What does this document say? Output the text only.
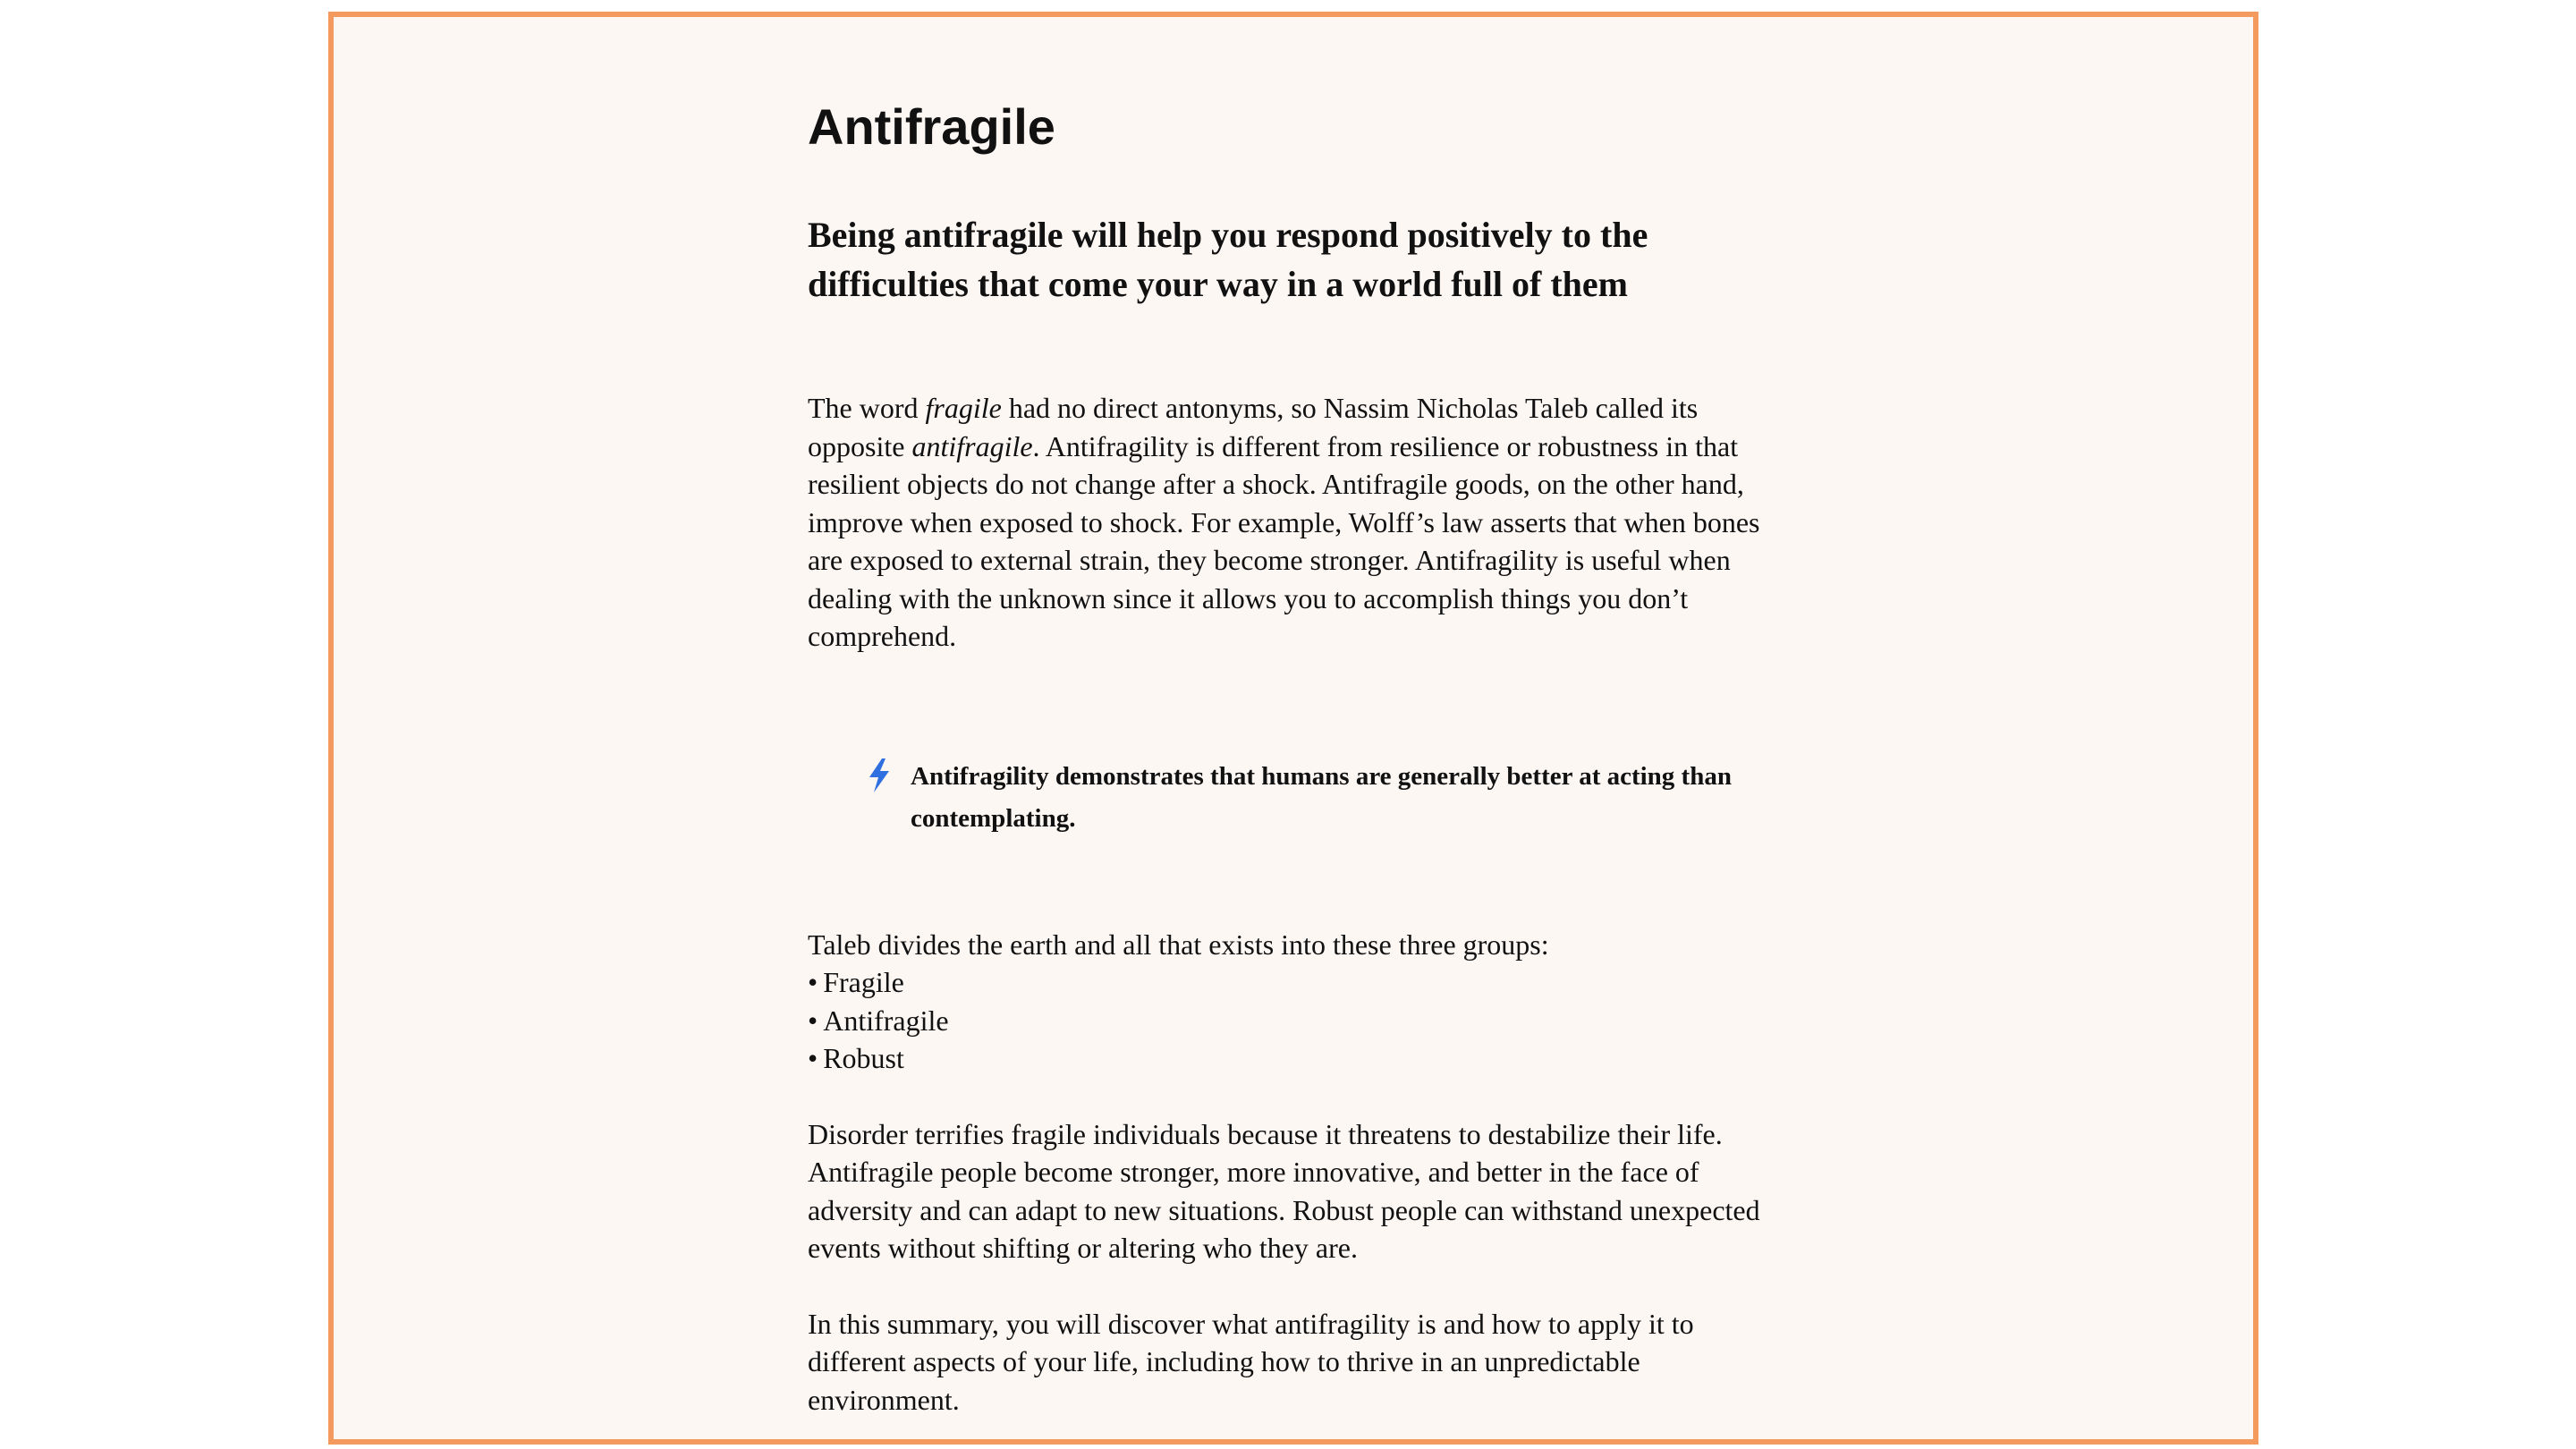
Antifragile
Being antifragile will help you respond positively to the difficulties that come your way in a world full of them

The word fragile had no direct antonyms, so Nassim Nicholas Taleb called its opposite antifragile. Antifragility is different from resilience or robustness in that resilient objects do not change after a shock. Antifragile goods, on the other hand, improve when exposed to shock. For example, Wolff’s law asserts that when bones are exposed to external strain, they become stronger. Antifragility is useful when dealing with the unknown since it allows you to accomplish things you don’t comprehend.

Antifragility demonstrates that humans are generally better at acting than contemplating.

Taleb divides the earth and all that exists into these three groups:

• Fragile
• Antifragile
• Robust

Disorder terrifies fragile individuals because it threatens to destabilize their life. Antifragile people become stronger, more innovative, and better in the face of adversity and can adapt to new situations. Robust people can withstand unexpected events without shifting or altering who they are.

In this summary, you will discover what antifragility is and how to apply it to different aspects of your life, including how to thrive in an unpredictable environment.
